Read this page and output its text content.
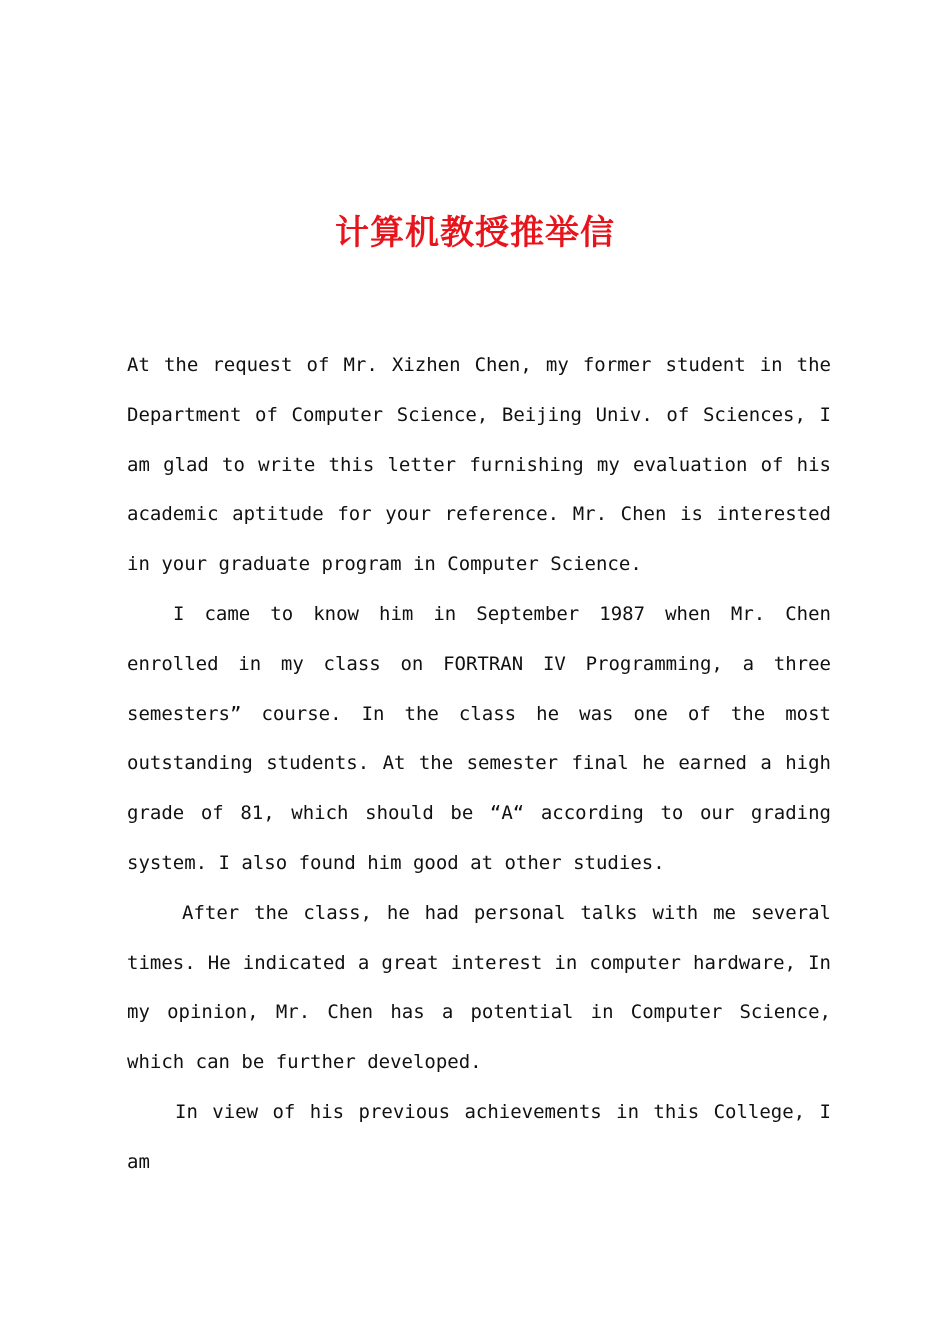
计算机教授推举信

At the request of Mr. Xizhen Chen, my former student in the Department of Computer Science, Beijing Univ. of Sciences, I am glad to write this letter furnishing my evaluation of his academic aptitude for your reference. Mr. Chen is interested in your graduate program in Computer Science.

I came to know him in September 1987 when Mr. Chen enrolled in my class on FORTRAN IV Programming, a three semesters” course. In the class he was one of the most outstanding students. At the semester final he earned a high grade of 81, which should be “A“ according to our grading system. I also found him good at other studies.

After the class, he had personal talks with me several times. He indicated a great interest in computer hardware, In my opinion, Mr. Chen has a potential in Computer Science, which can be further developed.

In view of his previous achievements in this College, I am
